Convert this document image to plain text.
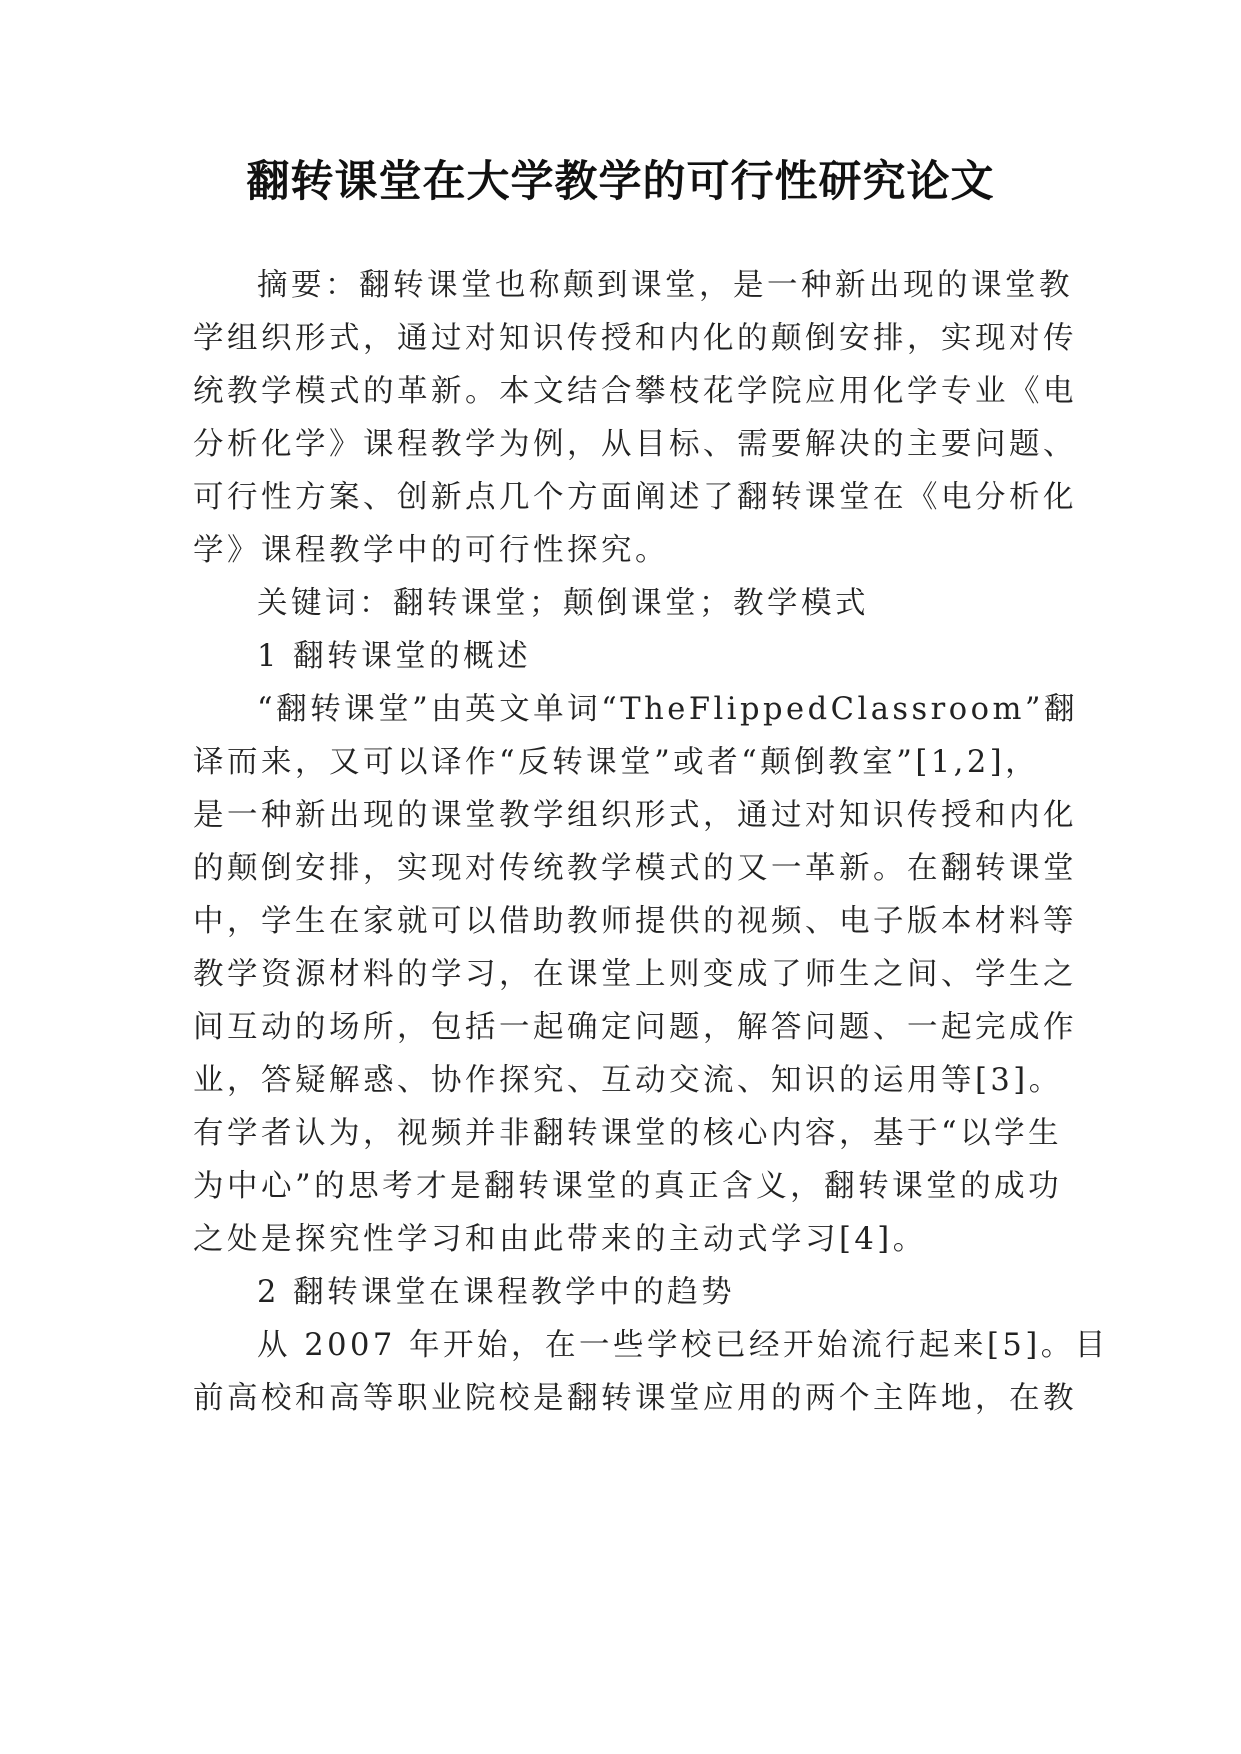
翻转课堂在大学教学的可行性研究论文
摘要：翻转课堂也称颠到课堂，是一种新出现的课堂教
学组织形式，通过对知识传授和内化的颠倒安排，实现对传
统教学模式的革新。本文结合攀枝花学院应用化学专业《电
分析化学》课程教学为例，从目标、需要解决的主要问题、
可行性方案、创新点几个方面阐述了翻转课堂在《电分析化
学》课程教学中的可行性探究。
关键词：翻转课堂；颠倒课堂；教学模式
1 翻转课堂的概述
“翻转课堂”由英文单词“TheFlippedClassroom”翻
译而来，又可以译作“反转课堂”或者“颠倒教室”[1,2]，
是一种新出现的课堂教学组织形式，通过对知识传授和内化
的颠倒安排，实现对传统教学模式的又一革新。在翻转课堂
中，学生在家就可以借助教师提供的视频、电子版本材料等
教学资源材料的学习，在课堂上则变成了师生之间、学生之
间互动的场所，包括一起确定问题，解答问题、一起完成作
业，答疑解惑、协作探究、互动交流、知识的运用等[3]。
有学者认为，视频并非翻转课堂的核心内容，基于“以学生
为中心”的思考才是翻转课堂的真正含义，翻转课堂的成功
之处是探究性学习和由此带来的主动式学习[4]。
2 翻转课堂在课程教学中的趋势
从 2007 年开始，在一些学校已经开始流行起来[5]。目
前高校和高等职业院校是翻转课堂应用的两个主阵地，在教
